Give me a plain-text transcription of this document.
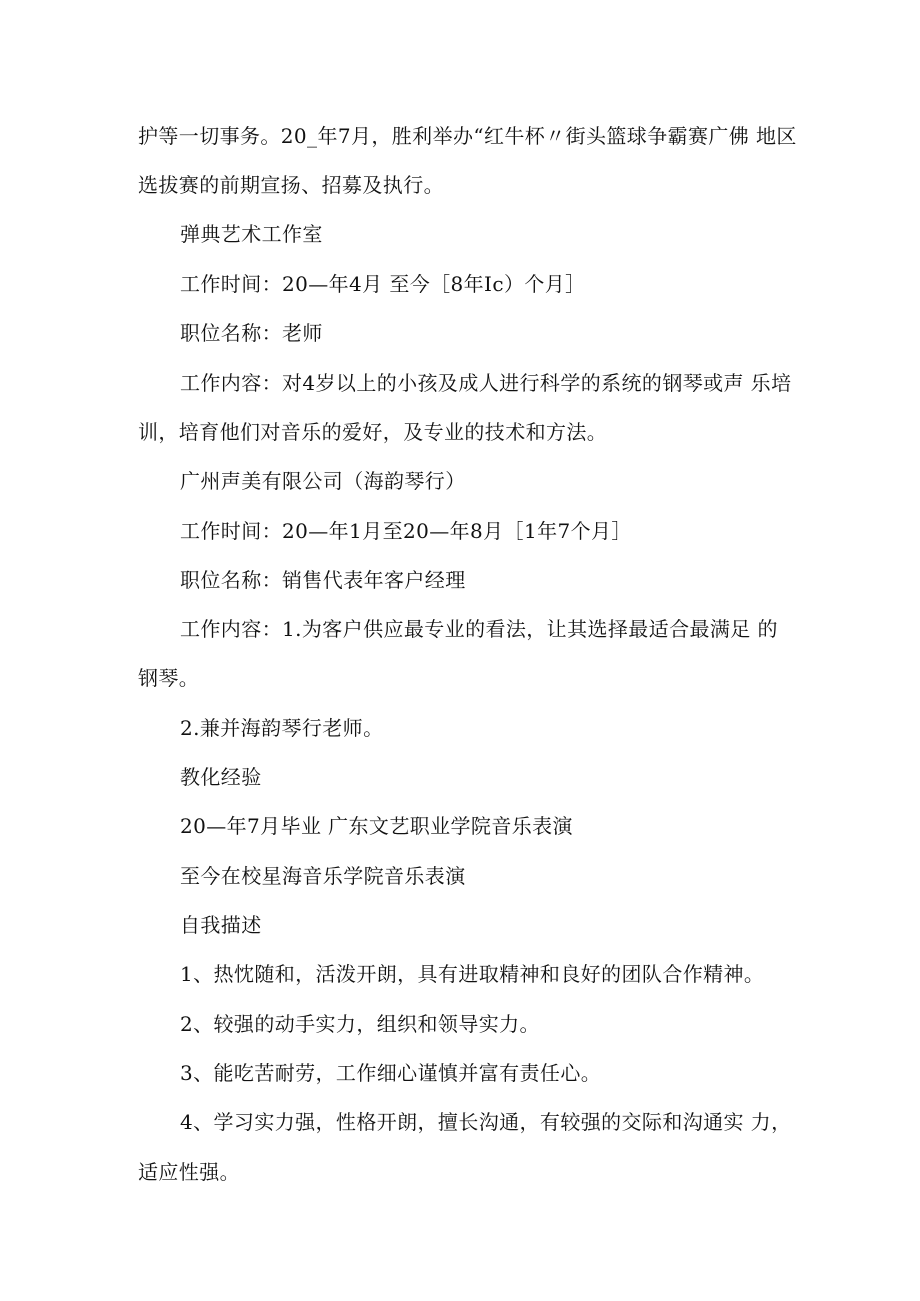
护等一切事务。20_年7月，胜利举办“红牛杯〃街头篮球争霸赛广佛 地区
选拔赛的前期宣扬、招募及执行。
弹典艺术工作室
工作时间：20—年4月 至今［8年Ic）个月］
职位名称：老师
工作内容：对4岁以上的小孩及成人进行科学的系统的钢琴或声 乐培
训，培育他们对音乐的爱好，及专业的技术和方法。
广州声美有限公司（海韵琴行）
工作时间：20—年1月至20—年8月［1年7个月］
职位名称：销售代表年客户经理
工作内容：1.为客户供应最专业的看法，让其选择最适合最满足 的
钢琴。
2.兼并海韵琴行老师。
教化经验
20—年7月毕业 广东文艺职业学院音乐表演
至今在校星海音乐学院音乐表演
自我描述
1、热忱随和，活泼开朗，具有进取精神和良好的团队合作精神。
2、较强的动手实力，组织和领导实力。
3、能吃苦耐劳，工作细心谨慎并富有责任心。
4、学习实力强，性格开朗，擅长沟通，有较强的交际和沟通实 力，
适应性强。
